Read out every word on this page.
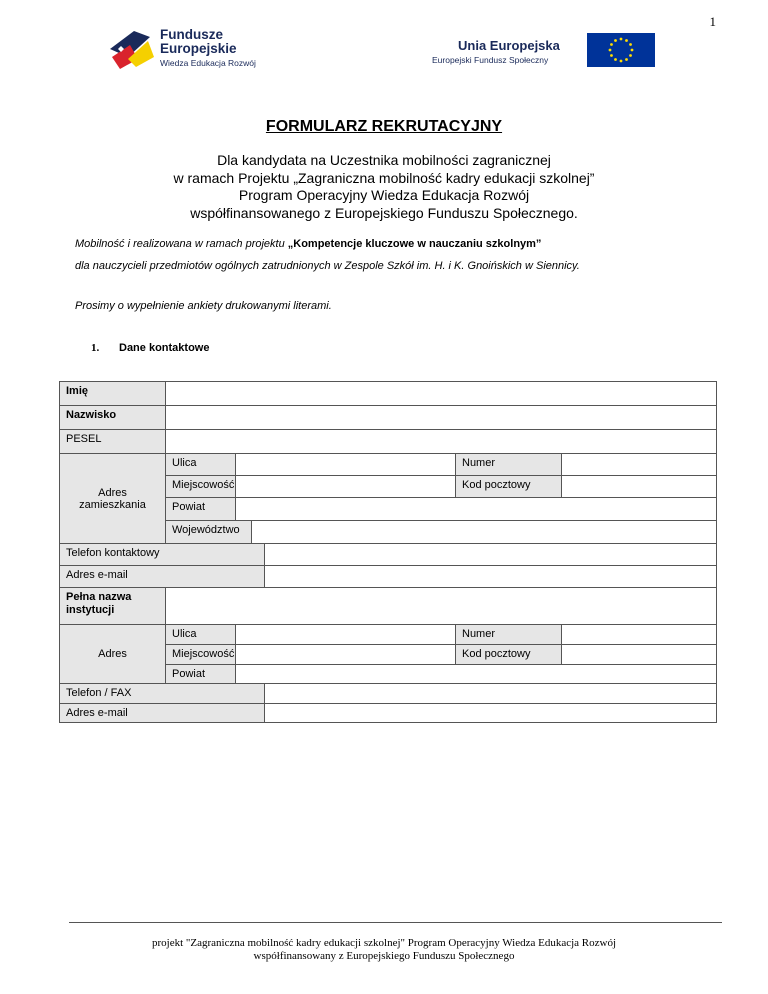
1
Fundusze
Europejskie
Wiedza Edukacja Rozwój
Unia Europejska
Europejski Fundusz Społeczny
FORMULARZ REKRUTACYJNY
Dla kandydata na Uczestnika mobilności zagranicznej
w ramach Projektu „Zagraniczna mobilność kadry edukacji szkolnej”
Program Operacyjny Wiedza Edukacja Rozwój
współfinansowanego z Europejskiego Funduszu Społecznego.
Mobilność i realizowana w ramach projektu „Kompetencje kluczowe w nauczaniu szkolnym”
dla nauczycieli przedmiotów ogólnych zatrudnionych w Zespole Szkół im. H. i K. Gnoińskich w Siennicy.
Prosimy o wypełnienie ankiety drukowanymi literami.
1. Dane kontaktowe
Imię
Nazwisko
PESEL
Adres zamieszkania
Ulica	Numer
Miejscowość	Kod pocztowy
Powiat
Województwo
Telefon kontaktowy
Adres e-mail
Pełna nazwa instytucji
Adres
Ulica	Numer
Miejscowość	Kod pocztowy
Powiat
Telefon / FAX
Adres e-mail
projekt "Zagraniczna mobilność kadry edukacji szkolnej" Program Operacyjny Wiedza Edukacja Rozwój
współfinansowany z Europejskiego Funduszu Społecznego
